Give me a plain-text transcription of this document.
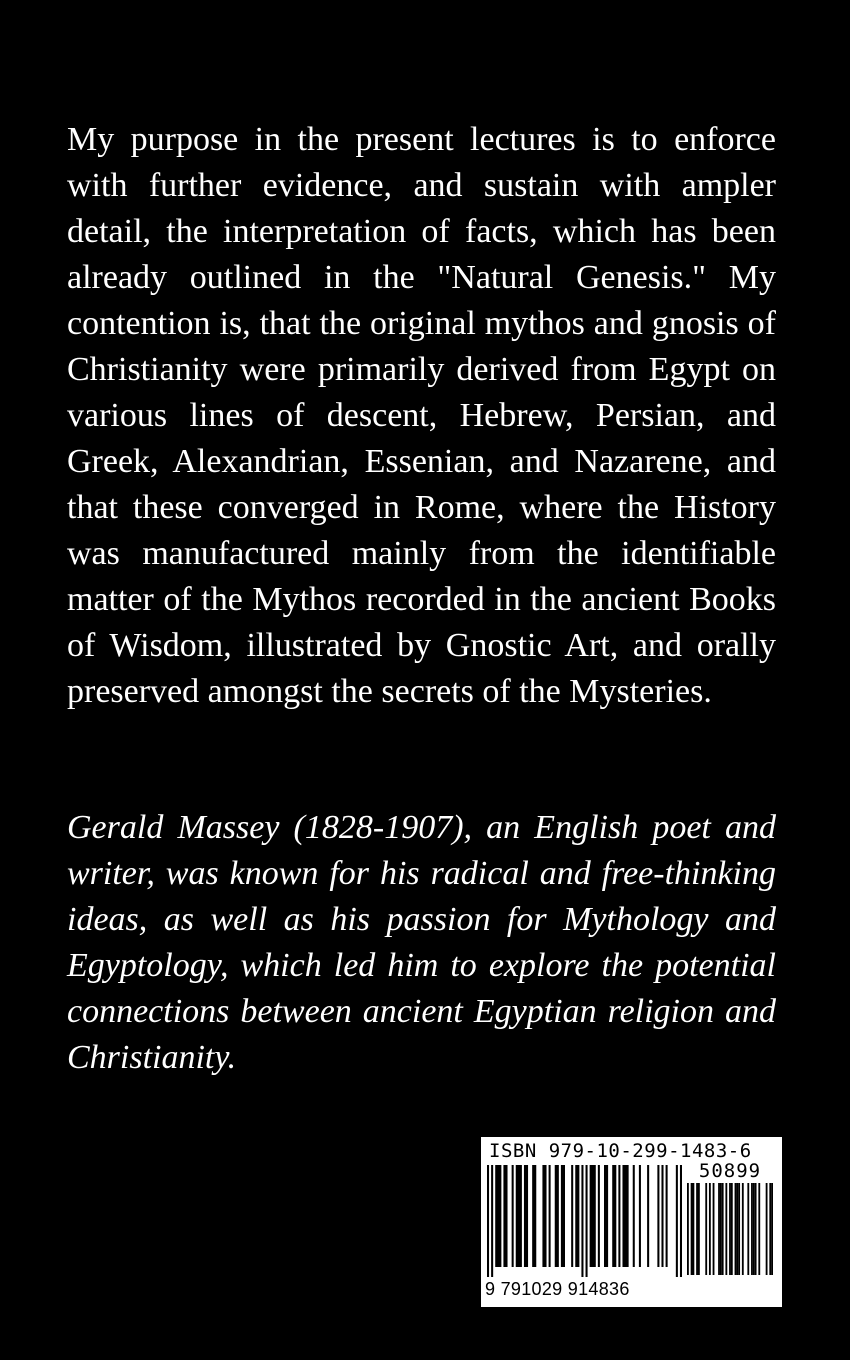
My purpose in the present lectures is to enforce with further evidence, and sustain with ampler detail, the interpretation of facts, which has been already outlined in the "Natural Genesis." My contention is, that the original mythos and gnosis of Christianity were primarily derived from Egypt on various lines of descent, Hebrew, Persian, and Greek, Alexandrian, Essenian, and Nazarene, and that these converged in Rome, where the History was manufactured mainly from the identifiable matter of the Mythos recorded in the ancient Books of Wisdom, illustrated by Gnostic Art, and orally preserved amongst the secrets of the Mysteries.

Gerald Massey (1828-1907), an English poet and writer, was known for his radical and free-thinking ideas, as well as his passion for Mythology and Egyptology, which led him to explore the potential connections between ancient Egyptian religion and Christianity.

ISBN 979-10-299-1483-6
50899
9 791029 914836
